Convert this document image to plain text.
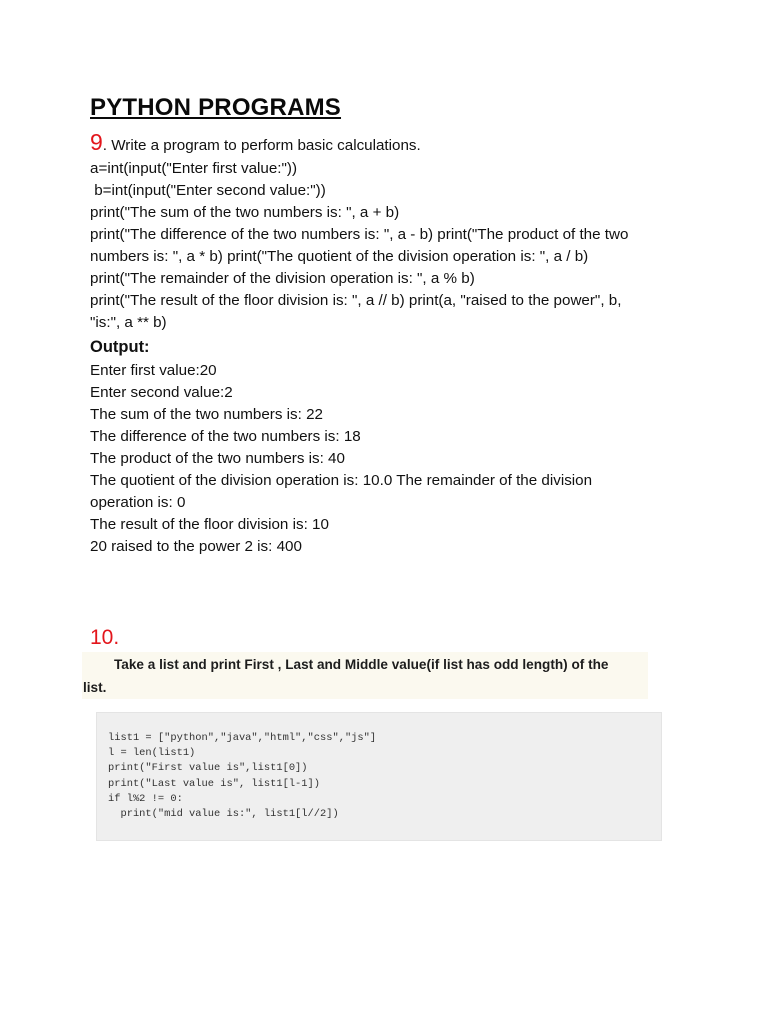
PYTHON PROGRAMS
9. Write a program to perform basic calculations.
a=int(input("Enter first value:"))
b=int(input("Enter second value:"))
print("The sum of the two numbers is: ", a + b)
print("The difference of the two numbers is: ", a - b) print("The product of the two
numbers is: ", a * b) print("The quotient of the division operation is: ", a / b)
print("The remainder of the division operation is: ", a % b)
print("The result of the floor division is: ", a // b) print(a, "raised to the power", b,
"is:", a ** b)
Output:
Enter first value:20
Enter second value:2
The sum of the two numbers is: 22
The difference of the two numbers is: 18
The product of the two numbers is: 40
The quotient of the division operation is: 10.0 The remainder of the division
operation is: 0
The result of the floor division is: 10
20 raised to the power 2 is: 400
10.
Take a list and print First , Last and Middle value(if list has odd length) of the
list.
list1 = ["python","java","html","css","js"]
l = len(list1)
print("First value is",list1[0])
print("Last value is", list1[l-1])
if l%2 != 0:
print("mid value is:", list1[l//2])
